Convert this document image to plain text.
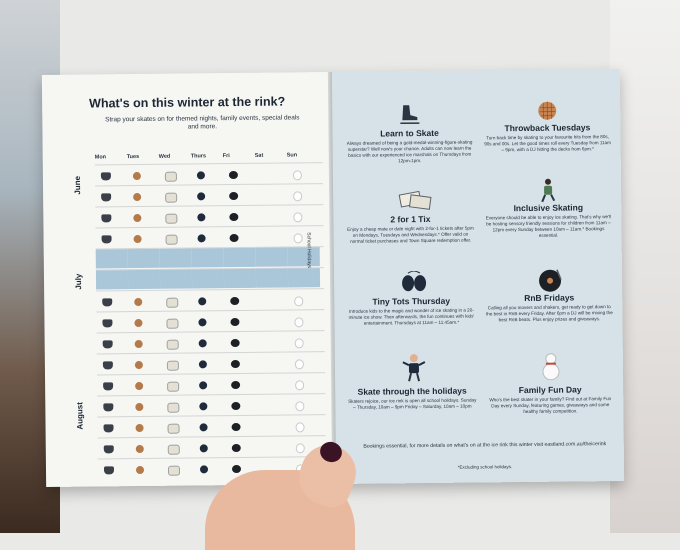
What's on this winter at the rink?
Strap your skates on for themed nights, family events, special deals and more.
Mon	Tues	Wed	Thurs	Fri	Sat	Sun
June
July
August
School Holidays
Learn to Skate

Always dreamed of being a gold-medal-winning-figure-skating superstar? Well now's your chance. Adults can now learn the basics with our experienced ice marshals on Thursdays from 12pm-1pm.

Throwback Tuesdays

Turn back time by skating to your favourite hits from the 80s, 90s and 00s. Let the good times roll every Tuesday from 11am – 9pm, with a DJ hitting the decks from 6pm.*

2 for 1 Tix

Enjoy a cheap mate or date night with 2-for-1 tickets after 5pm on Mondays, Tuesdays and Wednesdays.* Offer valid on normal ticket purchases and Town Square redemption offer.

Inclusive Skating

Everyone should be able to enjoy ice skating. That's why we'll be hosting sensory friendly sessions for children from 11am – 12pm every Sunday between 10am – 11am.* Bookings essential.

Tiny Tots Thursday

Introduce kids to the magic and wonder of ice skating in a 20-minute ice show. Then afterwards, the fun continues with kids' entertainment. Thursdays at 11am – 11:45am.*

RnB Fridays

Calling all you movers and shakers, get ready to get down to the best in RnB every Friday. After 6pm a DJ will be mixing the best RnB beats. Plus enjoy prizes and giveaways.

Skate through the holidays

Skaters rejoice, our ice rink is open all school holidays. Sunday – Thursday, 10am – 9pm Friday – Saturday, 10am – 10pm

Family Fun Day

Who's the best skater in your family? Find out at Family Fun Day every Sunday, featuring games, giveaways and some healthy family competition.

Bookings essential, for more details on what's on at the ice rink this winter visit eastland.com.au/theicerink
*Excluding school holidays.
